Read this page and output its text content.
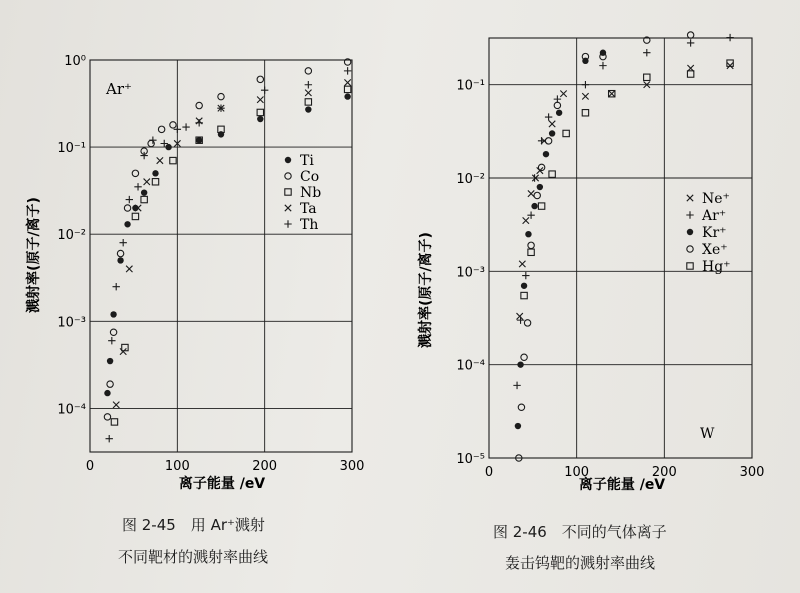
0	100	200	300
10⁰
10⁻¹
10⁻²
10⁻³
10⁻⁴
离子能量 /eV
溅射率(原子/离子)
Ar⁺
Ti
Co
Nb
Ta
Th
0	100	200	300
10⁻¹
10⁻²
10⁻³
10⁻⁴
10⁻⁵
离子能量 /eV
溅射率(原子/离子)
W
Ne⁺
Ar⁺
Kr⁺
Xe⁺
Hg⁺
图 2-45　用 Ar⁺溅射
不同靶材的溅射率曲线
图 2-46　不同的气体离子
轰击钨靶的溅射率曲线
